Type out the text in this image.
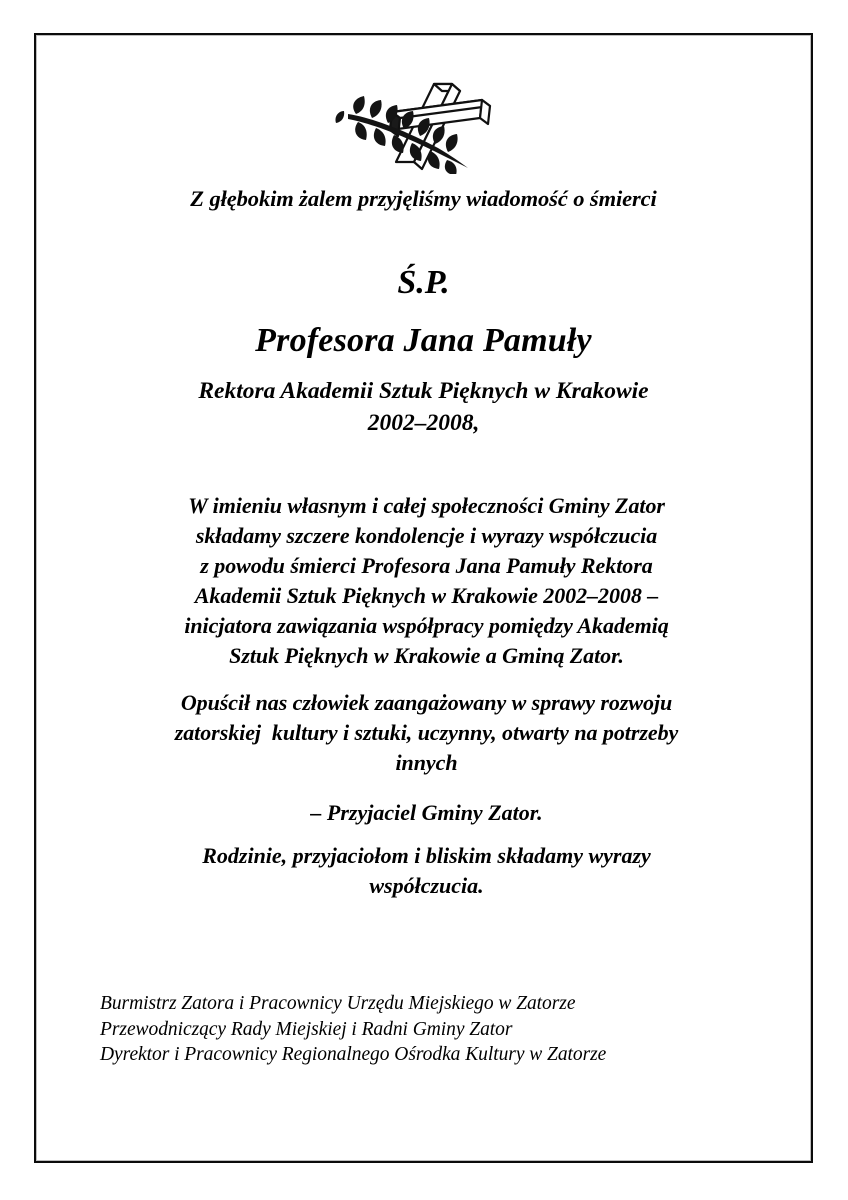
Z głębokim żalem przyjęliśmy wiadomość o śmierci
Ś.P.
Profesora Jana Pamuły
Rektora Akademii Sztuk Pięknych w Krakowie
2002–2008,
W imieniu własnym i całej społeczności Gminy Zator
składamy szczere kondolencje i wyrazy współczucia
z powodu śmierci Profesora Jana Pamuły Rektora
Akademii Sztuk Pięknych w Krakowie 2002–2008 –
inicjatora zawiązania współpracy pomiędzy Akademią
Sztuk Pięknych w Krakowie a Gminą Zator.
Opuścił nas człowiek zaangażowany w sprawy rozwoju
zatorskiej  kultury i sztuki, uczynny, otwarty na potrzeby
innych
– Przyjaciel Gminy Zator.
Rodzinie, przyjaciołom i bliskim składamy wyrazy
współczucia.
Burmistrz Zatora i Pracownicy Urzędu Miejskiego w Zatorze
Przewodniczący Rady Miejskiej i Radni Gminy Zator
Dyrektor i Pracownicy Regionalnego Ośrodka Kultury w Zatorze
